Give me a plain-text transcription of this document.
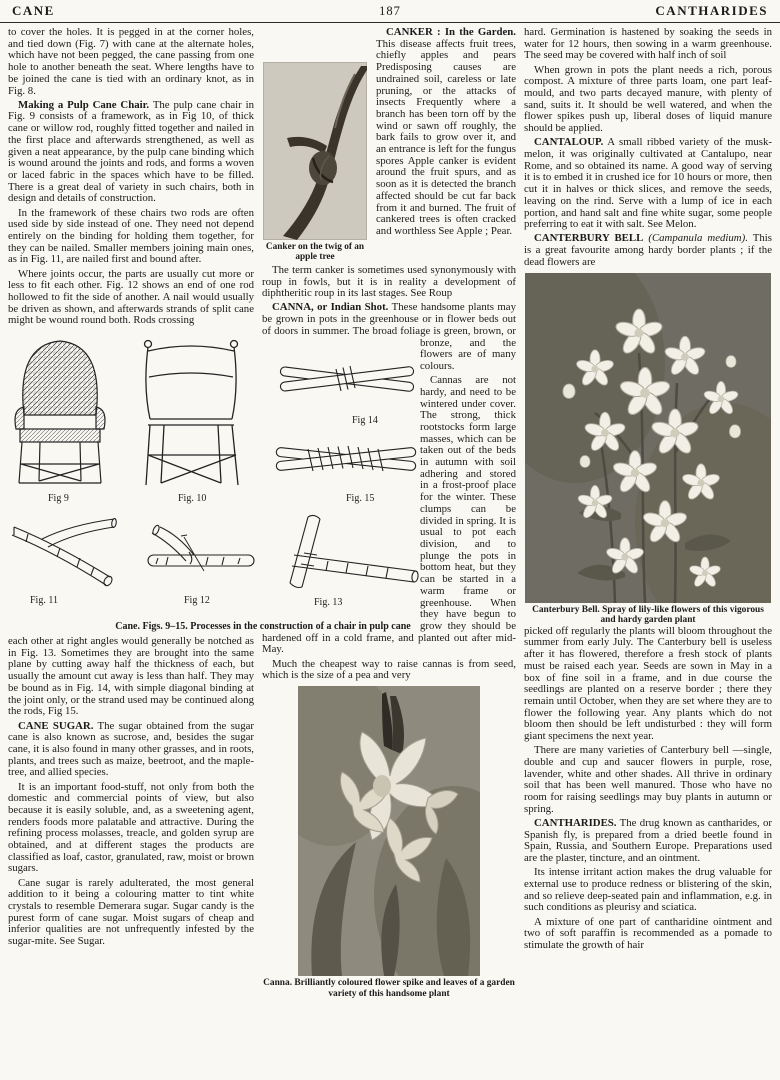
CANE	187	CANTHARIDES

to cover the holes. It is pegged in at the corner holes, and tied down (Fig. 7) with cane at the alternate holes, which have not been pegged, the cane passing from one hole to another beneath the seat. Where lengths have to be joined the cane is tied with an ordinary knot, as in Fig. 8.

Making a Pulp Cane Chair. The pulp cane chair in Fig. 9 consists of a framework, as in Fig 10, of thick cane or willow rod, roughly fitted together and nailed in the first place and afterwards strengthened, as well as given a neat appearance, by the pulp cane binding which is wound around the joints and rods, and forms a woven or laced fabric in the spaces which have to be filled. There is a great deal of variety in such chairs, both in design and details of construction.

In the framework of these chairs two rods are often used side by side instead of one. They need not depend entirely on the binding for holding them together, for they can be nailed. Smaller members joining main ones, as in Fig. 11, are nailed first and bound after.

Where joints occur, the parts are usually cut more or less to fit each other. Fig. 12 shows an end of one rod hollowed to fit the side of another. A nail would usually be driven as shown, and afterwards strands of split cane might be wound round both. Rods crossing

Fig 9	Fig. 10
Fig 14
Fig. 15
Fig. 11	Fig 12	Fig. 13
Cane. Figs. 9–15. Processes in the construction of a chair in pulp cane

each other at right angles would generally be notched as in Fig. 13. Sometimes they are brought into the same plane by cutting away half the thickness of each, but usually the amount cut away is less than half. They may be bound as in Fig. 14, with simple diagonal binding at the joint only, or the strand used may be continued along the rods, Fig 15.

CANE SUGAR. The sugar obtained from the sugar cane is also known as sucrose, and, besides the sugar cane, it is also found in many other grasses, and in roots, plants, and trees such as maize, beetroot, and the maple-tree, and allied species.

It is an important food-stuff, not only from both the domestic and commercial points of view, but also because it is easily soluble, and, as a sweetening agent, renders foods more palatable and attractive. During the refining process molasses, treacle, and golden syrup are obtained, and at different stages the products are classified as loaf, castor, granulated, raw, moist or brown sugars.

Cane sugar is rarely adulterated, the most general addition to it being a colouring matter to tint white crystals to resemble Demerara sugar. Sugar candy is the purest form of cane sugar. Moist sugars of cheap and inferior qualities are not unfrequently infested by the sugar-mite. See Sugar.

Canker on the twig of an apple tree
CANKER : In the Garden. This disease affects fruit trees, chiefly apples and pears Predisposing causes are undrained soil, careless or late pruning, or the attacks of insects Frequently where a branch has been torn off by the wind or sawn off roughly, the bark fails to grow over it, and an entrance is left for the fungus spores Apple canker is evident around the fruit spurs, and as soon as it is detected the branch affected should be cut far back from it and burned. The fruit of cankered trees is often cracked and worthless See Apple ; Pear.

The term canker is sometimes used synonymously with roup in fowls, but it is in reality a development of diphtheritic roup in its last stages. See Roup

CANNA, or Indian Shot. These handsome plants may be grown in pots in the greenhouse or in flower beds out of doors in summer. The broad foliage is green, brown, or bronze, and the flowers are of many colours.

Cannas are not hardy, and need to be wintered under cover. The strong, thick rootstocks form large masses, which can be taken out of the beds in autumn with soil adhering and stored in a frost-proof place for the winter. These clumps can be divided in spring. It is usual to pot each division, and to plunge the pots in bottom heat, but they can be started in a warm frame or greenhouse. When they have begun to grow they should be hardened off in a cold frame, and planted out after mid-May.

Much the cheapest way to raise cannas is from seed, which is the size of a pea and very

Canna. Brilliantly coloured flower spike and leaves of a garden variety of this handsome plant

hard. Germination is hastened by soaking the seeds in water for 12 hours, then sowing in a warm greenhouse. The seed may be covered with half inch of soil

When grown in pots the plant needs a rich, porous compost. A mixture of three parts loam, one part leaf-mould, and two parts decayed manure, with plenty of sand, suits it. It should be well watered, and when the flower spikes push up, liberal doses of liquid manure should be applied.

CANTALOUP. A small ribbed variety of the musk-melon, it was originally cultivated at Cantalupo, near Rome, and so obtained its name. A good way of serving it is to embed it in crushed ice for 10 hours or more, then cut it in halves or thick slices, and remove the seeds, leaving on the rind. Serve with a lump of ice in each portion, and hand salt and fine white sugar, some people preferring to eat it with salt. See Melon.

CANTERBURY BELL (Campanula medium). This is a great favourite among hardy border plants ; if the dead flowers are

Canterbury Bell. Spray of lily-like flowers of this vigorous and hardy garden plant

picked off regularly the plants will bloom throughout the summer from early July. The Canterbury bell is useless after it has flowered, therefore a fresh stock of plants must be raised each year. Seeds are sown in May in a box of fine soil in a frame, and in due course the seedlings are planted on a reserve border ; there they remain until October, when they are set where they are to flower the following year. Any plants which do not bloom then should be left undisturbed : they will form giant specimens the next year.

There are many varieties of Canterbury bell —single, double and cup and saucer flowers in purple, rose, lavender, white and other shades. All thrive in ordinary soil that has been well manured. Those who have no room for raising seedlings may buy plants in autumn or spring.

CANTHARIDES. The drug known as cantharides, or Spanish fly, is prepared from a dried beetle found in Spain, Russia, and Southern Europe. Preparations used are the plaster, tincture, and an ointment.

Its intense irritant action makes the drug valuable for external use to produce redness or blistering of the skin, and so relieve deep-seated pain and inflammation, e.g. in such conditions as pleurisy and sciatica.

A mixture of one part of cantharidine ointment and two of soft paraffin is recommended as a pomade to stimulate the growth of hair
